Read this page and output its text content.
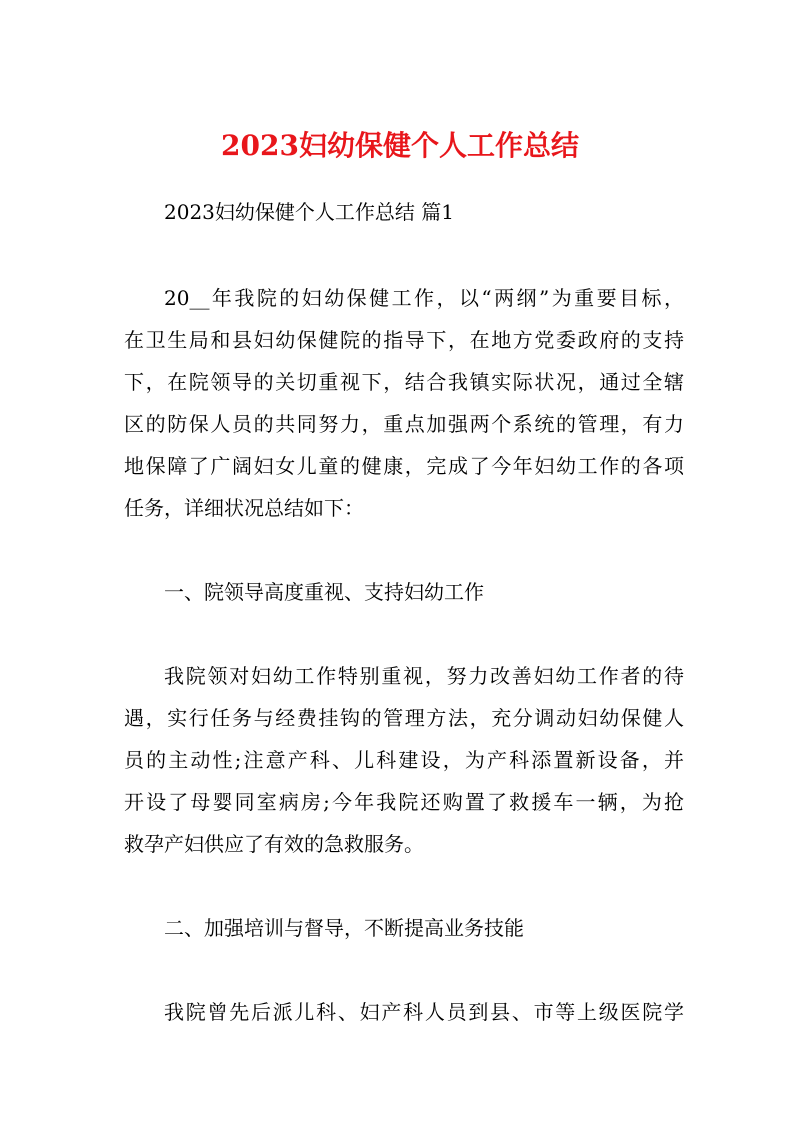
2023妇幼保健个人工作总结

2023妇幼保健个人工作总结 篇1

20__年我院的妇幼保健工作，以“两纲”为重要目标，

在卫生局和县妇幼保健院的指导下，在地方党委政府的支持

下，在院领导的关切重视下，结合我镇实际状况，通过全辖

区的防保人员的共同努力，重点加强两个系统的管理，有力

地保障了广阔妇女儿童的健康，完成了今年妇幼工作的各项

任务，详细状况总结如下：

一、院领导高度重视、支持妇幼工作

我院领对妇幼工作特别重视，努力改善妇幼工作者的待

遇，实行任务与经费挂钩的管理方法，充分调动妇幼保健人

员的主动性;注意产科、儿科建设，为产科添置新设备，并

开设了母婴同室病房;今年我院还购置了救援车一辆，为抢

救孕产妇供应了有效的急救服务。

二、加强培训与督导，不断提高业务技能

我院曾先后派儿科、妇产科人员到县、市等上级医院学
